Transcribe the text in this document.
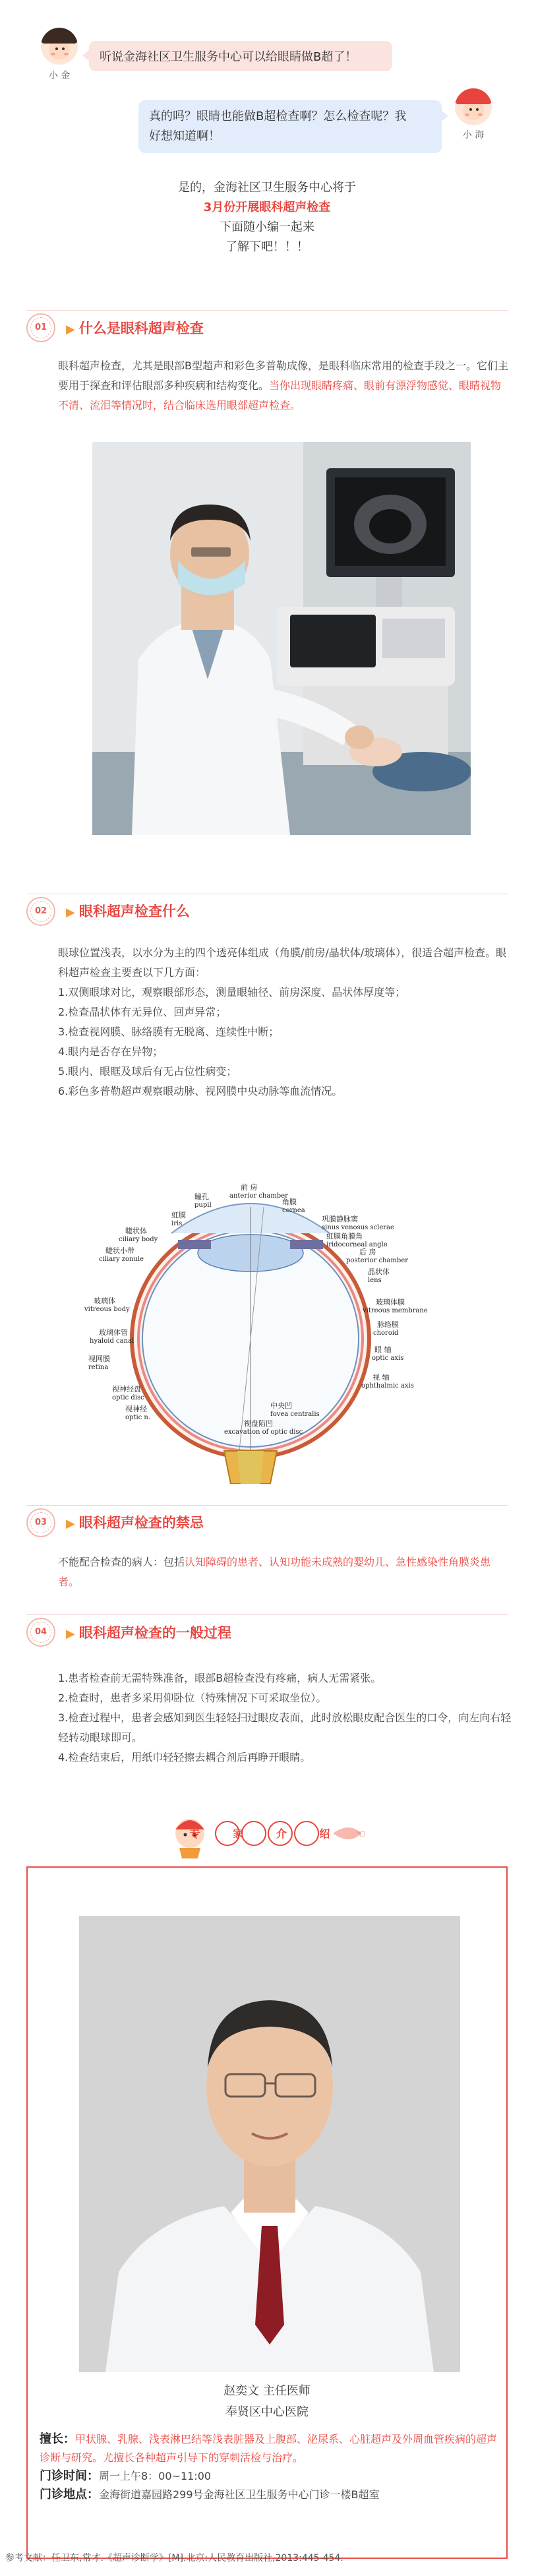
小 金
听说金海社区卫生服务中心可以给眼睛做B超了！
小 海
真的吗？眼睛也能做B超检查啊？怎么检查呢？我
好想知道啊！
是的，金海社区卫生服务中心将于
3月份开展眼科超声检查
下面随小编一起来
了解下吧！！！
01	▶ 什么是眼科超声检查
眼科超声检查，尤其是眼部B型超声和彩色多普勒成像，是眼科临床常用的检查手段之一。它们主要用于探查和评估眼部多种疾病和结构变化。当你出现眼睛疼痛、眼前有漂浮物感觉、眼睛视物不清、流泪等情况时，结合临床选用眼部超声检查。
02	▶ 眼科超声检查什么

眼球位置浅表，以水分为主的四个透亮体组成（角膜/前房/晶状体/玻璃体），很适合超声检查。眼科超声检查主要查以下几方面：

1.双侧眼球对比，观察眼部形态，测量眼轴径、前房深度、晶状体厚度等；

2.检查晶状体有无异位、回声异常；

3.检查视网膜、脉络膜有无脱离、连续性中断；

4.眼内是否存在异物；

5.眼内、眼眶及球后有无占位性病变；

6.彩色多普勒超声观察眼动脉、视网膜中央动脉等血流情况。

前 房
anterior chamber
瞳孔
pupil	角膜
cornea
虹膜
iris
巩膜静脉窦
sinus venosus sclerae
虹膜角膜角
iridocorneal angle
睫状体
ciliary body
睫状小带
ciliary zonule
后 房
posterior chamber
晶状体
lens
玻璃体
vitreous body
玻璃体膜
vitreous membrane
脉络膜
choroid
玻璃体管
hyaloid canal
眼 轴
optic axis
视网膜
retina
视 轴
ophthalmic axis
视神经盘
optic disc
中央凹
fovea centralis
视神经
optic n.
视盘陷凹
excavation of optic disc
03	▶ 眼科超声检查的禁忌
不能配合检查的病人：包括认知障碍的患者、认知功能未成熟的婴幼儿、急性感染性角膜炎患者。
04	▶ 眼科超声检查的一般过程

1.患者检查前无需特殊准备，眼部B超检查没有疼痛，病人无需紧张。

2.检查时，患者多采用仰卧位（特殊情况下可采取坐位）。

3.检查过程中，患者会感知到医生轻轻扫过眼皮表面，此时放松眼皮配合医生的口令，向左向右轻轻转动眼球即可。

4.检查结束后，用纸巾轻轻擦去耦合剂后再睁开眼睛。

☜
专 家 介 绍
赵奕文 主任医师
奉贤区中心医院
擅长：甲状腺、乳腺、浅表淋巴结等浅表脏器及上腹部、泌尿系、心脏超声及外周血管疾病的超声诊断与研究。尤擅长各种超声引导下的穿刺活检与治疗。
门诊时间：周一上午8：00~11:00
门诊地点：金海街道嘉园路299号金海社区卫生服务中心门诊一楼B超室
参考文献：任卫东,常才.《超声诊断学》[M].北京:人民教育出版社,2013:445-454.
